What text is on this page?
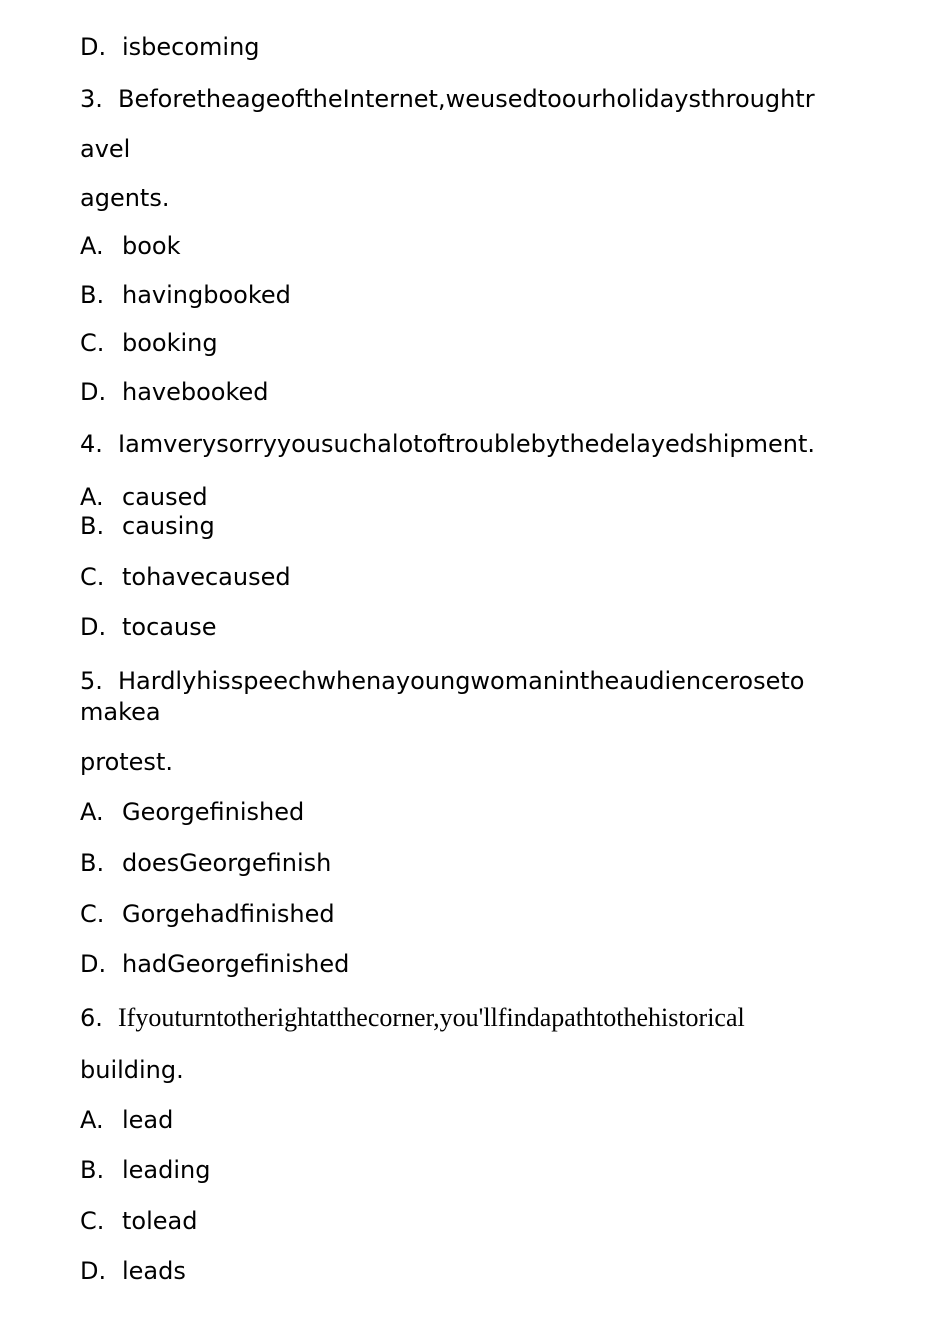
D. isbecoming
3. BeforetheageoftheInternet,weusedtoourholidaysthroughtr
avel
agents.
A. book
B. havingbooked
C. booking
D. havebooked
4. Iamverysorryyousuchalotoftroublebythedelayedshipment.
A. caused
B. causing
C. tohavecaused
D. tocause
5. Hardlyhisspeechwhenayoungwomanintheaudienceroseto
makea
protest.
A. Georgefinished
B. doesGeorgefinish
C. Gorgehadfinished
D. hadGeorgefinished
6. Ifyouturntotherightatthecorner,you'llfindapathtothehistorical
building.
A. lead
B. leading
C. tolead
D. leads
